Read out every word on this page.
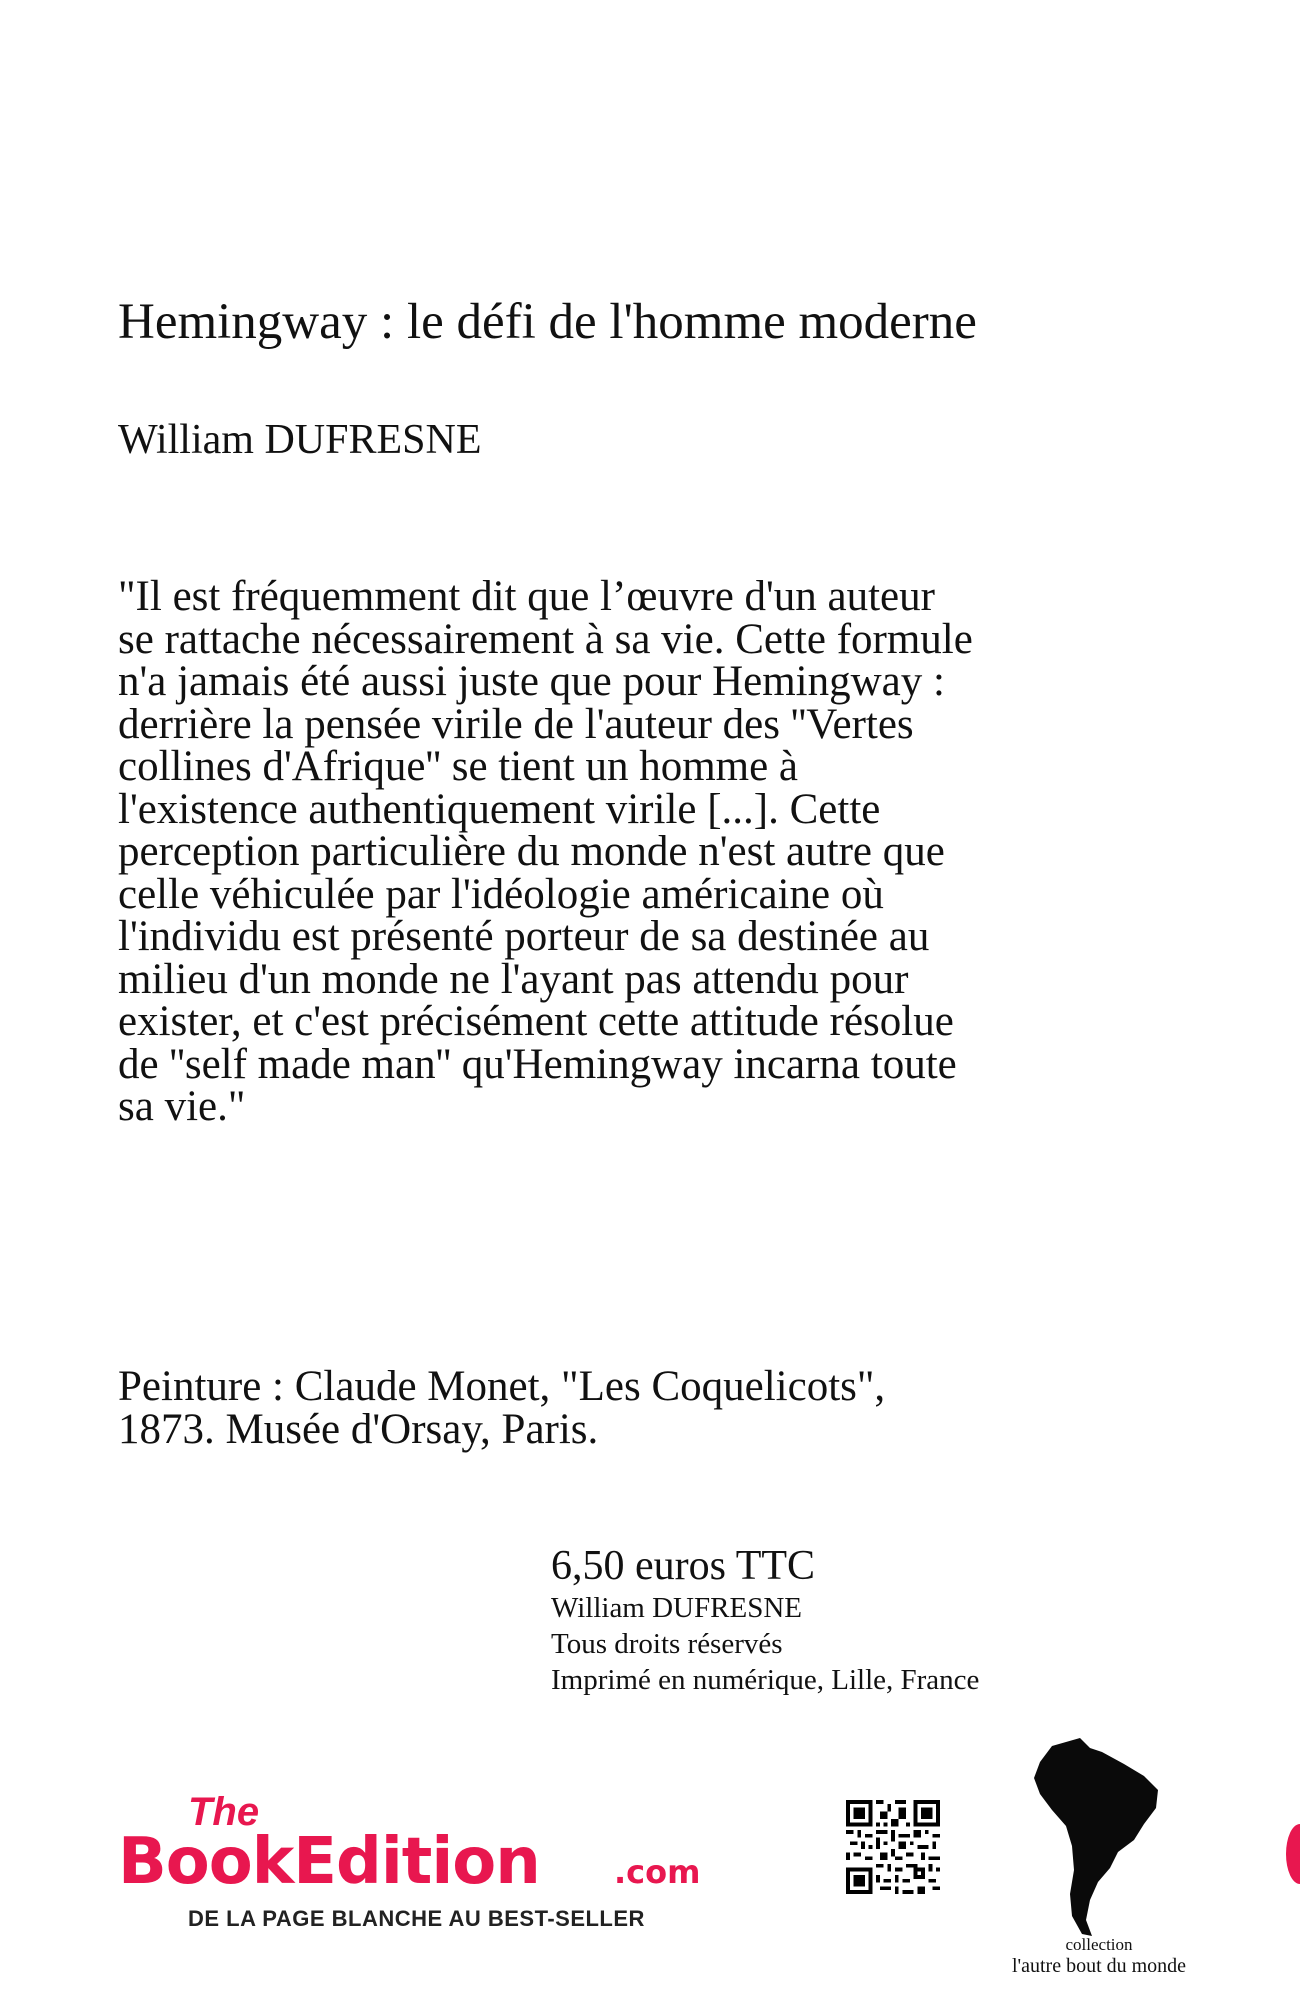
Hemingway : le défi de l'homme moderne
William DUFRESNE

"Il est fréquemment dit que l’œuvre d'un auteur se rattache nécessairement à sa vie. Cette formule n'a jamais été aussi juste que pour Hemingway : derrière la pensée virile de l'auteur des ''Vertes collines d'Afrique'' se tient un homme à l'existence authentiquement virile [...]. Cette perception particulière du monde n'est autre que celle véhiculée par l'idéologie américaine où l'individu est présenté porteur de sa destinée au milieu d'un monde ne l'ayant pas attendu pour exister, et c'est précisément cette attitude résolue de ''self made man'' qu'Hemingway incarna toute sa vie."

Peinture : Claude Monet, "Les Coquelicots", 1873. Musée d'Orsay, Paris.
6,50 euros TTC
William DUFRESNE
Tous droits réservés
Imprimé en numérique, Lille, France
The
BookEdition .com
DE LA PAGE BLANCHE AU BEST-SELLER
collection
l'autre bout du monde
